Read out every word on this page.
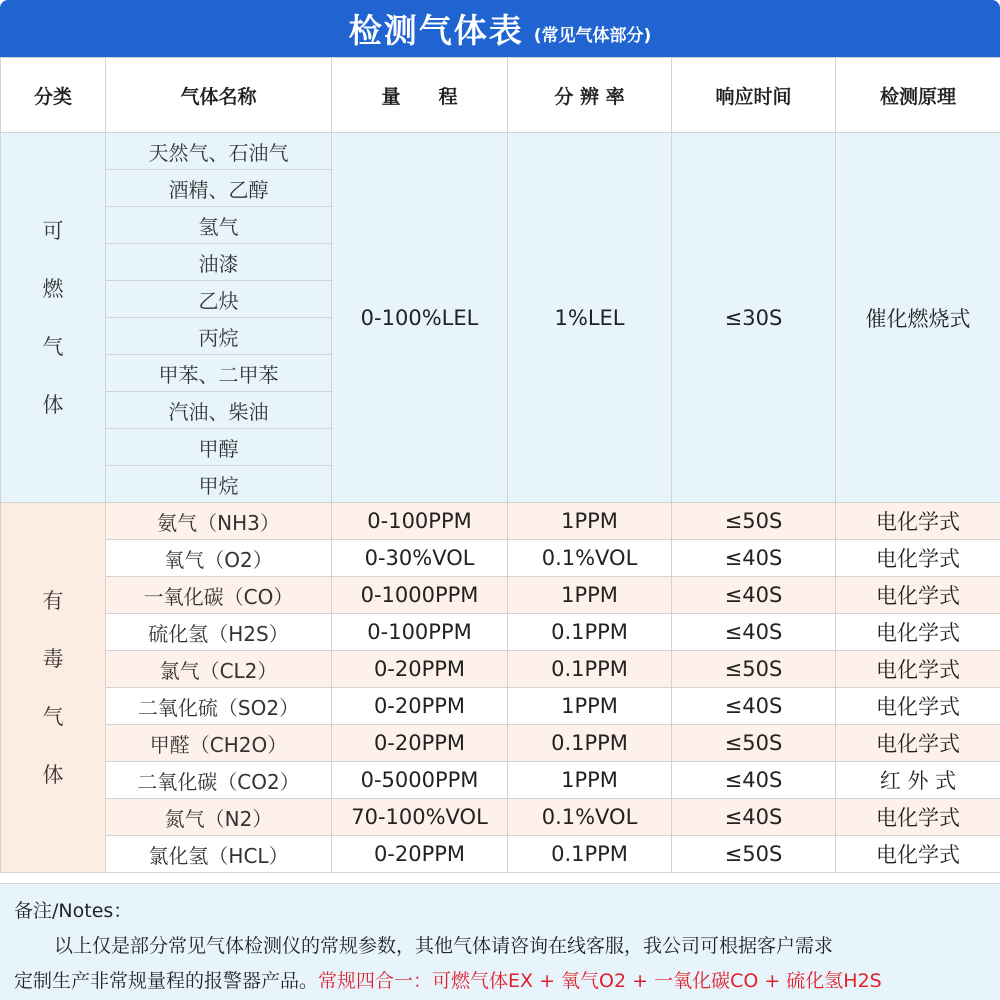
检测气体表 (常见气体部分)
分类	气体名称	量　　程	分 辨 率	响应时间	检测原理
可燃气体	天然气、石油气	0-100%LEL	1%LEL	≤30S	催化燃烧式
	酒精、乙醇				
	氢气				
	油漆				
	乙炔				
	丙烷				
	甲苯、二甲苯				
	汽油、柴油				
	甲醇				
	甲烷				
有毒气体	氨气（NH3）	0-100PPM	1PPM	≤50S	电化学式
	氧气（O2）	0-30%VOL	0.1%VOL	≤40S	电化学式
	一氧化碳（CO）	0-1000PPM	1PPM	≤40S	电化学式
	硫化氢（H2S）	0-100PPM	0.1PPM	≤40S	电化学式
	氯气（CL2）	0-20PPM	0.1PPM	≤50S	电化学式
	二氧化硫（SO2）	0-20PPM	1PPM	≤40S	电化学式
	甲醛（CH2O）	0-20PPM	0.1PPM	≤50S	电化学式
	二氧化碳（CO2）	0-5000PPM	1PPM	≤40S	红 外 式
	氮气（N2）	70-100%VOL	0.1%VOL	≤40S	电化学式
	氯化氢（HCL）	0-20PPM	0.1PPM	≤50S	电化学式
备注/Notes：
以上仅是部分常见气体检测仪的常规参数，其他气体请咨询在线客服，我公司可根据客户需求
定制生产非常规量程的报警器产品。常规四合一：可燃气体EX + 氧气O2 + 一氧化碳CO + 硫化氢H2S
